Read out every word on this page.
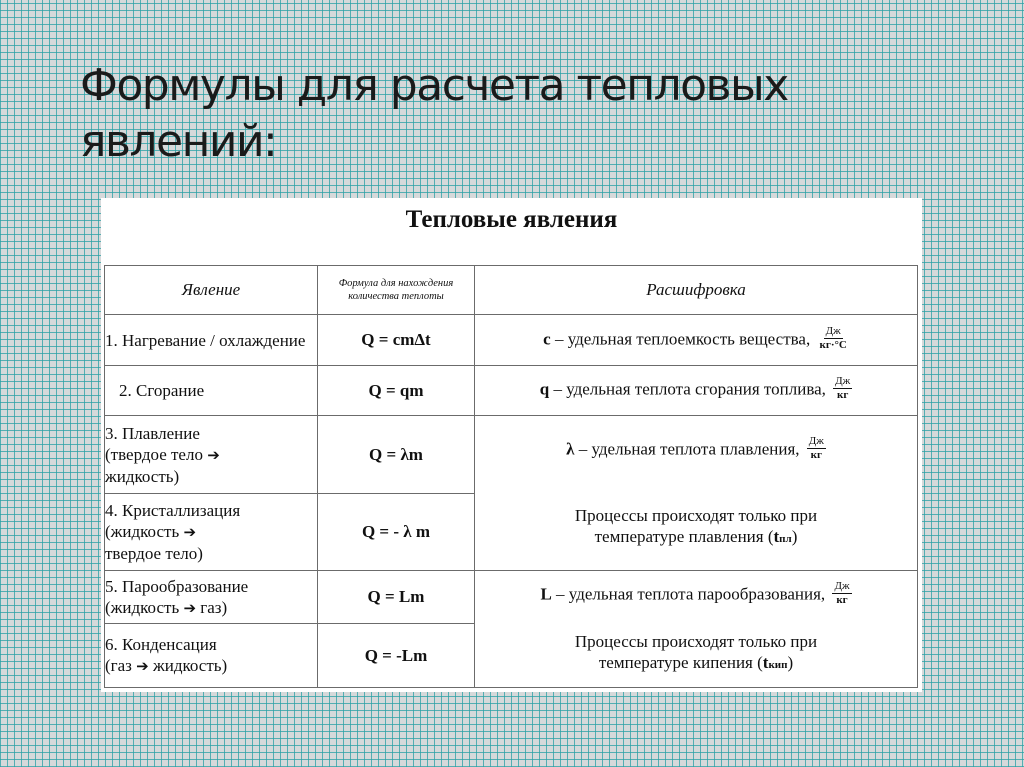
Формулы для расчета тепловых явлений:
Тепловые явления
Явление	Формула для нахождения количества теплоты	Расшифровка
1. Нагревание / охлаждение	Q = cmΔt	c – удельная теплоемкость вещества, $\frac{Дж}{кг\cdot^\circ С}$

2. Сгорание	Q = qm	q – удельная теплота сгорания топлива, $\frac{Дж}{кг}$

3. Плавление
(твердое тело ➔
жидкость)	Q = λm	λ – удельная теплота плавления, $\frac{Дж}{кг}$
Процессы происходят только при
температуре плавления (tпл)

4. Кристаллизация
(жидкость ➔
твердое тело)	Q = - λ m	
5. Парообразование
(жидкость ➔ газ)	Q = Lm	L – удельная теплота парообразования, $\frac{Дж}{кг}$
Процессы происходят только при
температуре кипения (tкип)

6. Конденсация
(газ ➔ жидкость)	Q = -Lm	
